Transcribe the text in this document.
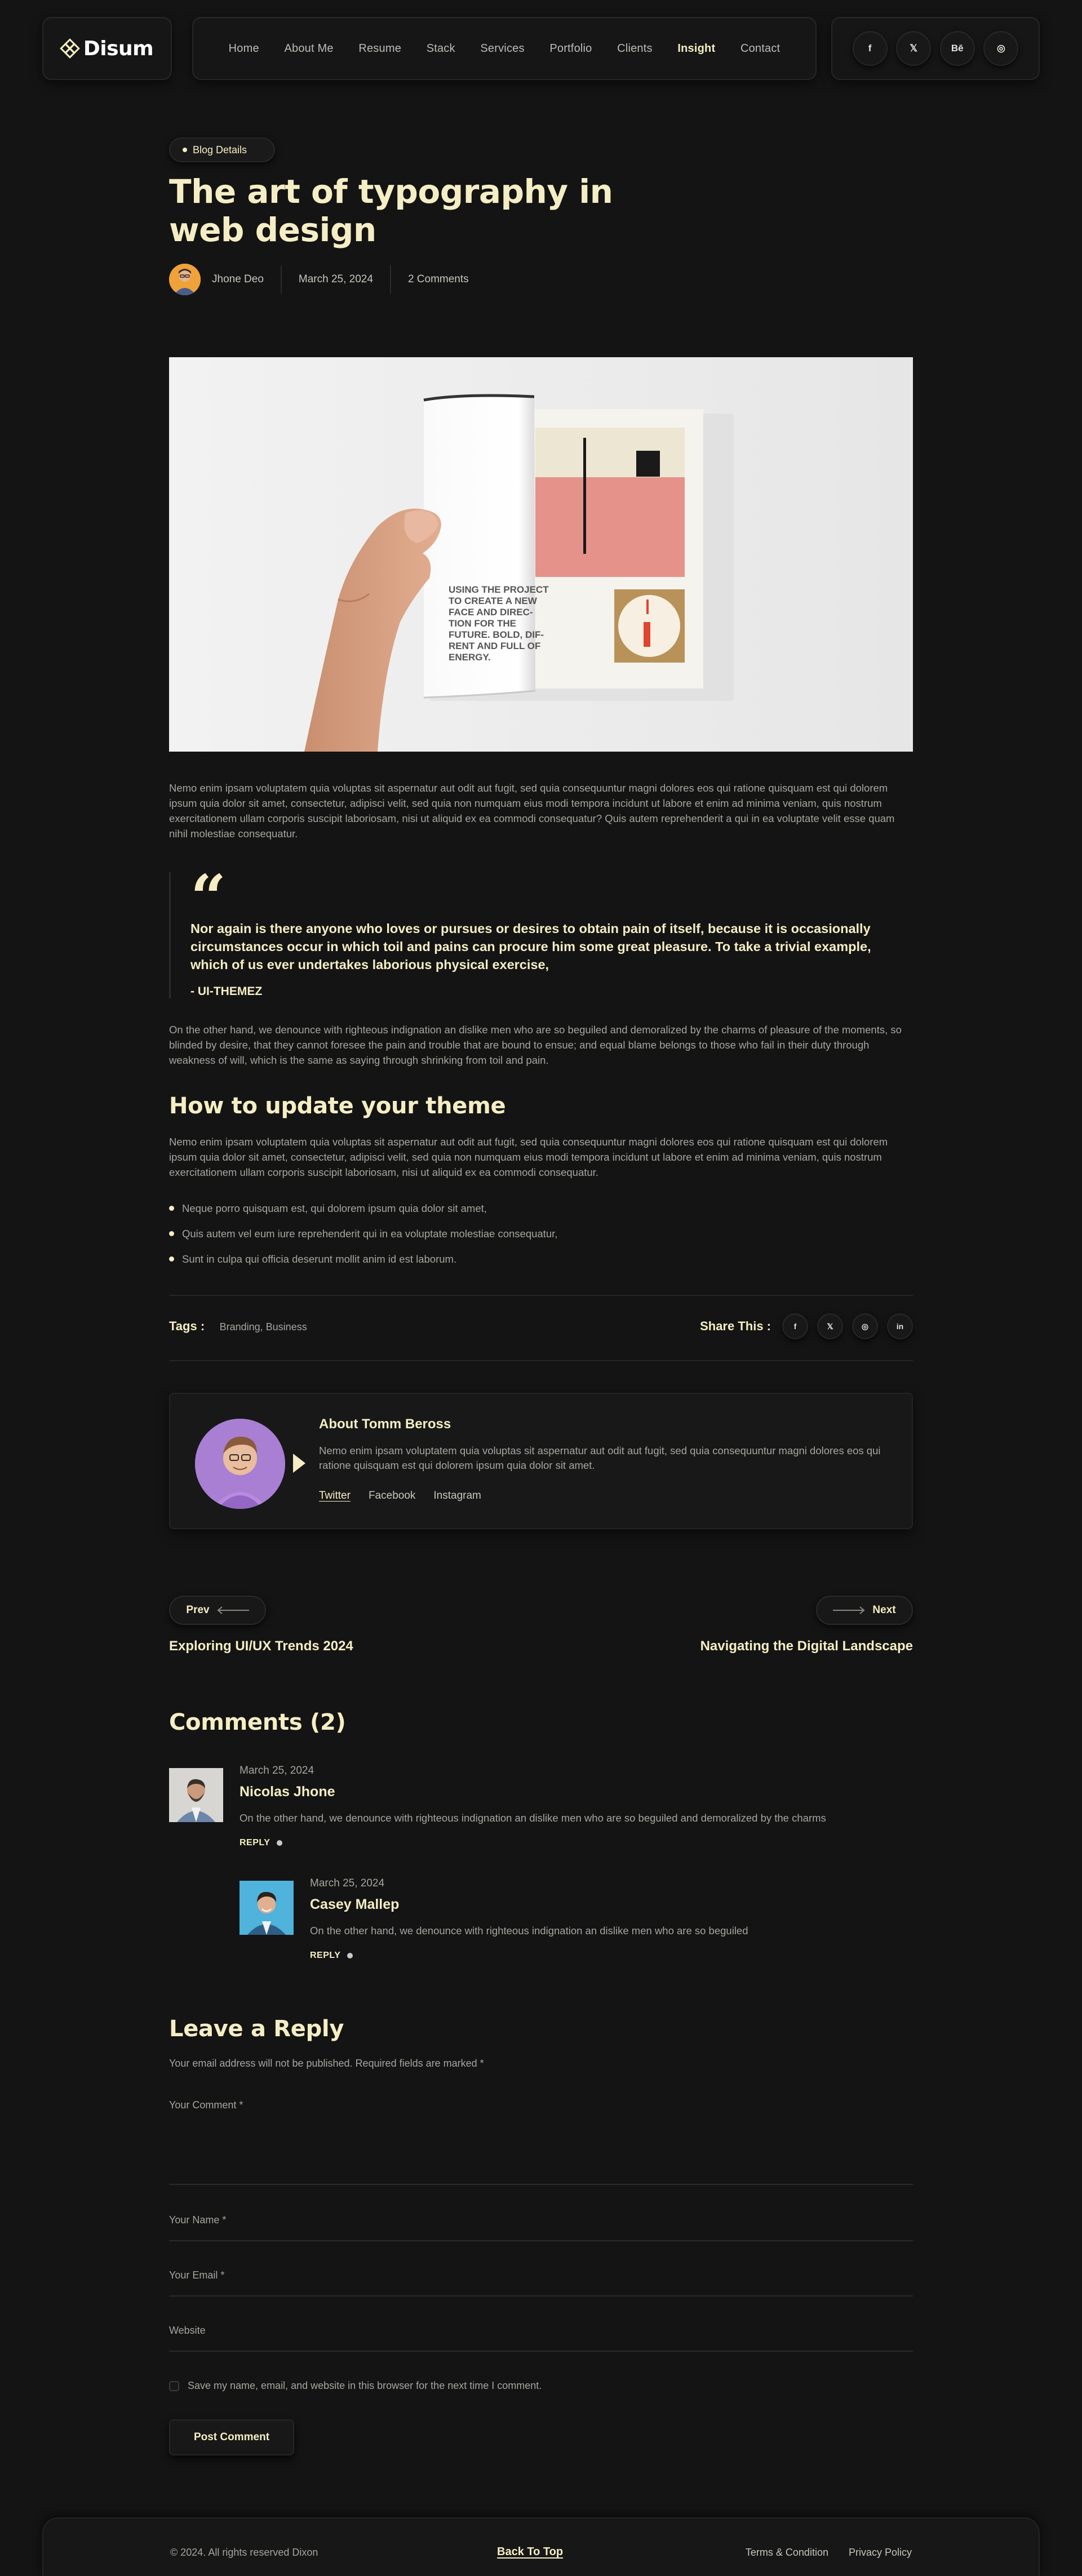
Disum	Home About Me Resume Stack Services Portfolio Clients Insight Contact	f	𝕏	Bē	◎
Blog Details
The art of typography in web design
Jhone Deo	March 25, 2024	2 Comments
USING THE PROJECT TO CREATE A NEW FACE AND DIREC- TION FOR THE FUTURE. BOLD, DIF- RENT AND FULL OF ENERGY.

Nemo enim ipsam voluptatem quia voluptas sit aspernatur aut odit aut fugit, sed quia consequuntur magni dolores eos qui ratione quisquam est qui dolorem ipsum quia dolor sit amet, consectetur, adipisci velit, sed quia non numquam eius modi tempora incidunt ut labore et enim ad minima veniam, quis nostrum exercitationem ullam corporis suscipit laboriosam, nisi ut aliquid ex ea commodi consequatur? Quis autem reprehenderit a qui in ea voluptate velit esse quam nihil molestiae consequatur.

“
Nor again is there anyone who loves or pursues or desires to obtain pain of itself, because it is occasionally circumstances occur in which toil and pains can procure him some great pleasure. To take a trivial example, which of us ever undertakes laborious physical exercise,
- UI-THEMEZ

On the other hand, we denounce with righteous indignation an dislike men who are so beguiled and demoralized by the charms of pleasure of the moments, so blinded by desire, that they cannot foresee the pain and trouble that are bound to ensue; and equal blame belongs to those who fail in their duty through weakness of will, which is the same as saying through shrinking from toil and pain.

How to update your theme

Nemo enim ipsam voluptatem quia voluptas sit aspernatur aut odit aut fugit, sed quia consequuntur magni dolores eos qui ratione quisquam est qui dolorem ipsum quia dolor sit amet, consectetur, adipisci velit, sed quia non numquam eius modi tempora incidunt ut labore et enim ad minima veniam, quis nostrum exercitationem ullam corporis suscipit laboriosam, nisi ut aliquid ex ea commodi consequatur.

Neque porro quisquam est, qui dolorem ipsum quia dolor sit amet,
Quis autem vel eum iure reprehenderit qui in ea voluptate molestiae consequatur,
Sunt in culpa qui officia deserunt mollit anim id est laborum.
Tags : Branding, Business	Share This :	f	𝕏	◎	in
About Tomm Beross
Nemo enim ipsam voluptatem quia voluptas sit aspernatur aut odit aut fugit, sed quia consequuntur magni dolores eos qui ratione quisquam est qui dolorem ipsum quia dolor sit amet.
Twitter Facebook Instagram
Prev	Next
Exploring UI/UX Trends 2024	Navigating the Digital Landscape
Comments (2)
March 25, 2024
Nicolas Jhone
On the other hand, we denounce with righteous indignation an dislike men who are so beguiled and demoralized by the charms
REPLY
March 25, 2024
Casey Mallep
On the other hand, we denounce with righteous indignation an dislike men who are so beguiled
REPLY
Leave a Reply
Your email address will not be published. Required fields are marked *
Your Comment *
Your Name *
Your Email *
Website
Save my name, email, and website in this browser for the next time I comment.
Post Comment
© 2024. All rights reserved Dixon	Back To Top	Terms & Condition Privacy Policy
